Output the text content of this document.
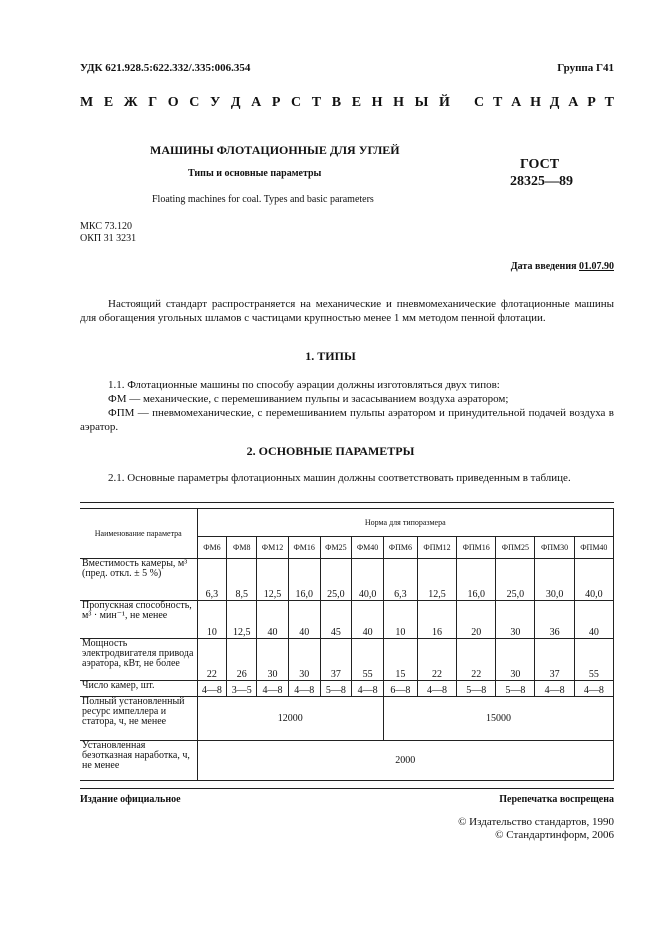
УДК 621.928.5:622.332/.335:006.354	Группа Г41
М Е Ж Г О С У Д А Р С Т В Е Н Н Ы Й С Т А Н Д А Р Т
МАШИНЫ ФЛОТАЦИОННЫЕ ДЛЯ УГЛЕЙ
Типы и основные параметры
Floating machines for coal. Types and basic parameters
ГОСТ
28325—89
МКС 73.120
ОКП 31 3231
Дата введения 01.07.90
Настоящий стандарт распространяется на механические и пневмомеханические флотационные машины для обогащения угольных шламов с частицами крупностью менее 1 мм методом пенной флотации.
1. ТИПЫ
1.1. Флотационные машины по способу аэрации должны изготовляться двух типов:
ФМ — механические, с перемешиванием пульпы и засасыванием воздуха аэратором;
ФПМ — пневмомеханические, с перемешиванием пульпы аэратором и принудительной подачей воздуха в аэратор.
2. ОСНОВНЫЕ ПАРАМЕТРЫ
2.1. Основные параметры флотационных машин должны соответствовать приведенным в таблице.
Наименование параметра	Норма для типоразмера											
	ФМ6	ФМ8	ФМ12	ФМ16	ФМ25	ФМ40	ФПМ6	ФПМ12	ФПМ16	ФПМ25	ФПМ30	ФПМ40
Вместимость камеры, м³ (пред. откл. ± 5 %)	6,3	8,5	12,5	16,0	25,0	40,0	6,3	12,5	16,0	25,0	30,0	40,0
Пропускная способность, м³ · мин⁻¹, не менее	10	12,5	40	40	45	40	10	16	20	30	36	40
Мощность электродвигателя привода аэратора, кВт, не более	22	26	30	30	37	55	15	22	22	30	37	55
Число камер, шт.	4—8	3—5	4—8	4—8	5—8	4—8	6—8	4—8	5—8	5—8	4—8	4—8
Полный установленный ресурс импеллера и статора, ч, не менее	12000						15000					
Установленная безотказная наработка, ч, не менее	2000											
Издание официальное	Перепечатка воспрещена
© Издательство стандартов, 1990
© Стандартинформ, 2006
